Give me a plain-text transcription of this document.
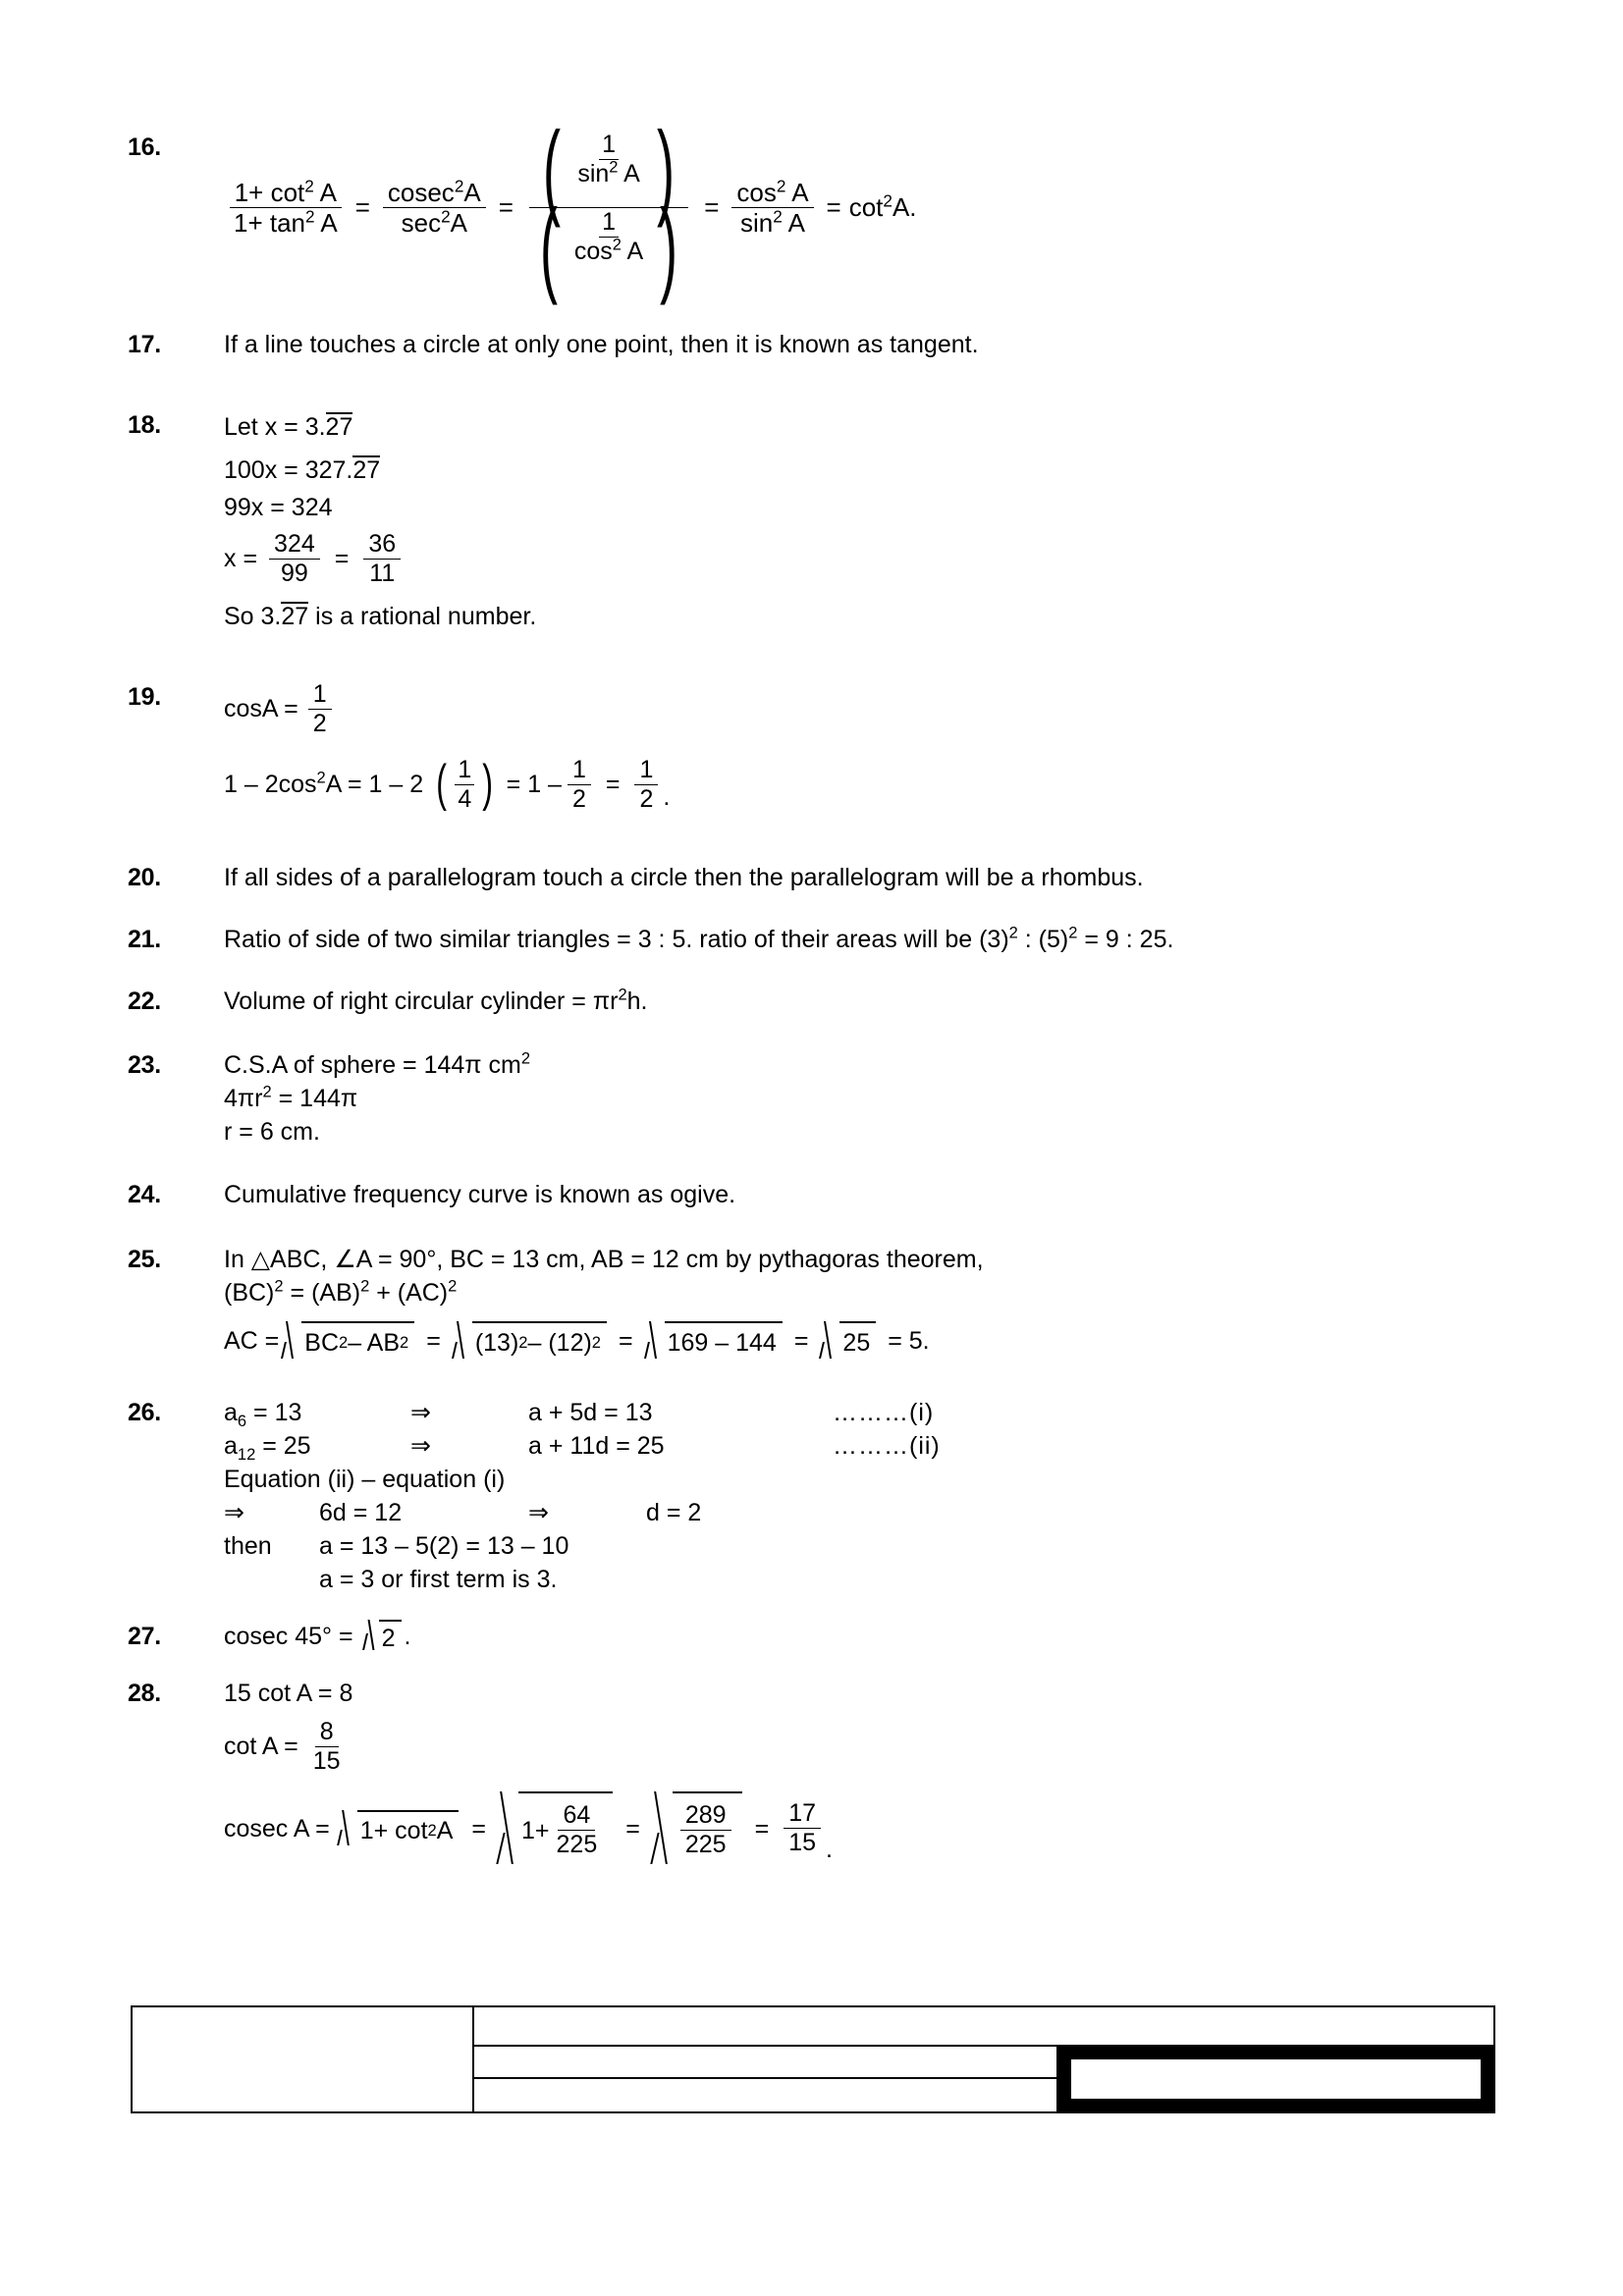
16.
$\frac{1+ \cot^2 A}{1+ \tan^2 A} = \frac{cosec^2A}{\sec^2A}$ = ( $\frac{1}{\sin^2 A}$ )
( $\frac{1}{\cos^2 A}$ ) = $\frac{\cos^2 A}{\sin^2 A} = \cot^2A$.
17.	If a line touches a circle at only one point, then it is known as tangent.
18.	Let x = 3.27
100x = 327.27
99x = 324
$x = \frac{324}{99} = \frac{36}{11}$
So 3.27 is a rational number.
19.	$\cos A = \frac{1}{2}$
$1 - 2\cos^2A = 1 - 2$ ( $\frac{1}{4}$ ) = $1 - \frac{1}{2} = \frac{1}{2}$ .
20.	If all sides of a parallelogram touch a circle then the parallelogram will be a rhombus.
21.	Ratio of side of two similar triangles = 3 : 5. ratio of their areas will be $(3)^2$ : $(5)^2 = 9$ : 25.
22.	Volume of right circular cylinder = $\pi r^2h$.
23.	C.S.A of sphere = 144π $cm^2$
$4\pi r^2 = 144\pi$
r = 6 cm.
24.	Cumulative frequency curve is known as ogive.
25.	In △ABC, ∠A = 90°, BC = 13 cm, AB = 12 cm by pythagoras theorem,
(BC)$^2$ = (AB)$^2$ + (AC)$^2$
AC = BC 2 – AB 2 = (13) 2 – (12) 2 = 169 – 144 = 25 = 5.
26.	$a_6 = 13$	⇒	a + 5d = 13	………(i)
$a_{12} = 25$	⇒	a + 11d = 25	………(ii)
Equation (ii) – equation (i)
⇒	6d = 12	⇒	d = 2
then	a = 13 – 5(2) = 13 – 10
a = 3 or first term is 3.
27.	cosec 45° = 2 .
28.	15 cot A = 8
$\cot A = \frac{8}{15}$
cosec A = 1+ cot 2 $A = 1+ \frac{64}{225} = \frac{289}{225} = \frac{17}{15}$ .
